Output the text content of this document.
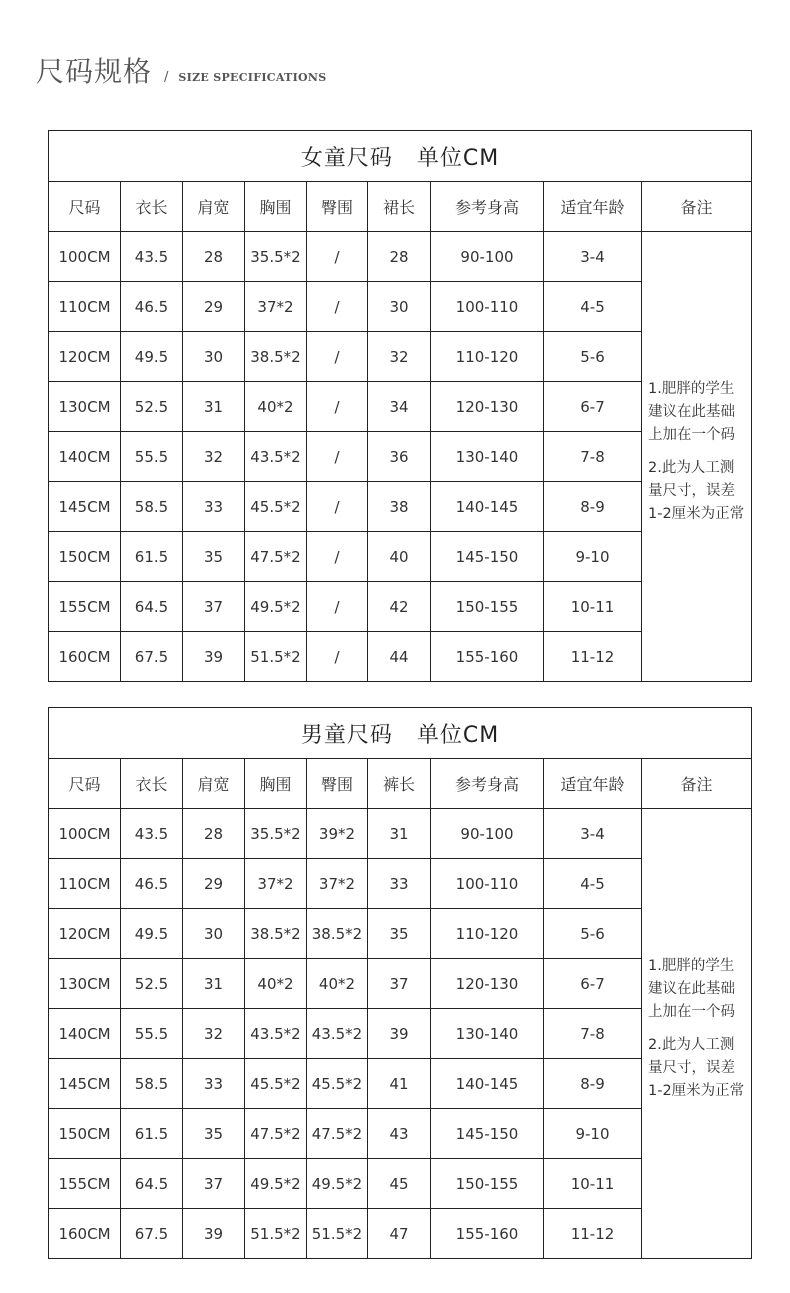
尺码规格 / SIZE SPECIFICATIONS
女童尺码 单位CM								
尺码	衣长	肩宽	胸围	臀围	裙长	参考身高	适宜年龄	备注
100CM	43.5	28	35.5*2	/	28	90-100	3-4	1.肥胖的学生建议在此基础上加在一个码

2.此为人工测量尺寸，误差1-2厘米为正常

110CM	46.5	29	37*2	/	30	100-110	4-5	
120CM	49.5	30	38.5*2	/	32	110-120	5-6	
130CM	52.5	31	40*2	/	34	120-130	6-7	
140CM	55.5	32	43.5*2	/	36	130-140	7-8	
145CM	58.5	33	45.5*2	/	38	140-145	8-9	
150CM	61.5	35	47.5*2	/	40	145-150	9-10	
155CM	64.5	37	49.5*2	/	42	150-155	10-11	
160CM	67.5	39	51.5*2	/	44	155-160	11-12	
男童尺码 单位CM								
尺码	衣长	肩宽	胸围	臀围	裤长	参考身高	适宜年龄	备注
100CM	43.5	28	35.5*2	39*2	31	90-100	3-4	1.肥胖的学生建议在此基础上加在一个码

2.此为人工测量尺寸，误差1-2厘米为正常

110CM	46.5	29	37*2	37*2	33	100-110	4-5	
120CM	49.5	30	38.5*2	38.5*2	35	110-120	5-6	
130CM	52.5	31	40*2	40*2	37	120-130	6-7	
140CM	55.5	32	43.5*2	43.5*2	39	130-140	7-8	
145CM	58.5	33	45.5*2	45.5*2	41	140-145	8-9	
150CM	61.5	35	47.5*2	47.5*2	43	145-150	9-10	
155CM	64.5	37	49.5*2	49.5*2	45	150-155	10-11	
160CM	67.5	39	51.5*2	51.5*2	47	155-160	11-12	
